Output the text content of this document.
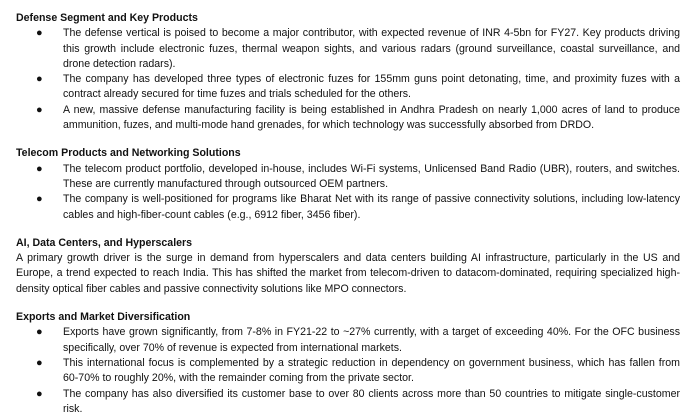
Defense Segment and Key Products
● The defense vertical is poised to become a major contributor, with expected revenue of INR 4-5bn for FY27. Key products driving this growth include electronic fuzes, thermal weapon sights, and various radars (ground surveillance, coastal surveillance, and drone detection radars).
● The company has developed three types of electronic fuzes for 155mm guns point detonating, time, and proximity fuzes with a contract already secured for time fuzes and trials scheduled for the others.
● A new, massive defense manufacturing facility is being established in Andhra Pradesh on nearly 1,000 acres of land to produce ammunition, fuzes, and multi-mode hand grenades, for which technology was successfully absorbed from DRDO.
Telecom Products and Networking Solutions
● The telecom product portfolio, developed in-house, includes Wi-Fi systems, Unlicensed Band Radio (UBR), routers, and switches. These are currently manufactured through outsourced OEM partners.
● The company is well-positioned for programs like Bharat Net with its range of passive connectivity solutions, including low-latency cables and high-fiber-count cables (e.g., 6912 fiber, 3456 fiber).
AI, Data Centers, and Hyperscalers

A primary growth driver is the surge in demand from hyperscalers and data centers building AI infrastructure, particularly in the US and Europe, a trend expected to reach India. This has shifted the market from telecom-driven to datacom-dominated, requiring specialized high-density optical fiber cables and passive connectivity solutions like MPO connectors.

Exports and Market Diversification
● Exports have grown significantly, from 7-8% in FY21-22 to ~27% currently, with a target of exceeding 40%. For the OFC business specifically, over 70% of revenue is expected from international markets.
● This international focus is complemented by a strategic reduction in dependency on government business, which has fallen from 60-70% to roughly 20%, with the remainder coming from the private sector.
● The company has also diversified its customer base to over 80 clients across more than 50 countries to mitigate single-customer risk.
